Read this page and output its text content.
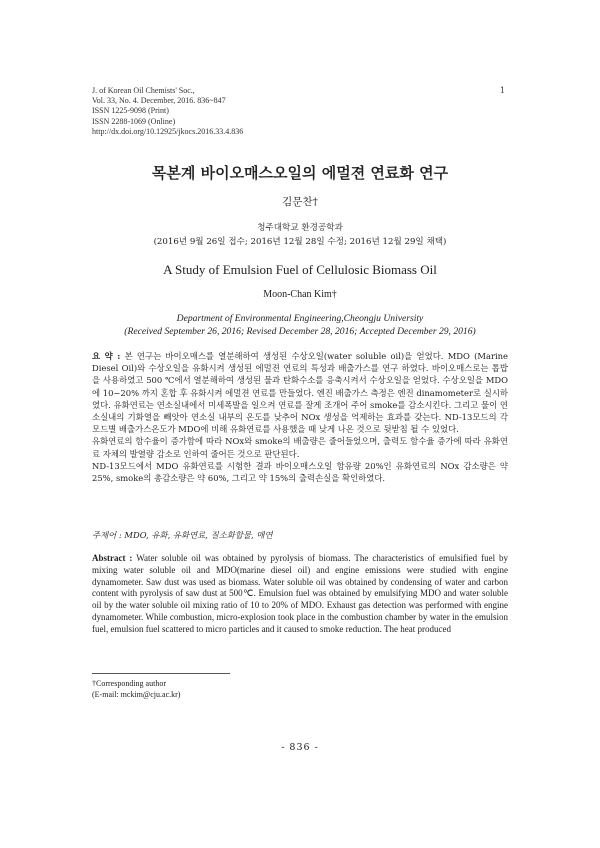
J. of Korean Oil Chemists' Soc.,
Vol. 33, No. 4. December, 2016. 836~847
ISSN 1225-9098 (Print)
ISSN 2288-1069 (Online)
http://dx.doi.org/10.12925/jkocs.2016.33.4.836
1
목본계 바이오매스오일의 에멀젼 연료화 연구
김문찬†
청주대학교 환경공학과
(2016년 9월 26일 접수; 2016년 12월 28일 수정; 2016년 12월 29일 채택)
A Study of Emulsion Fuel of Cellulosic Biomass Oil
Moon-Chan Kim†
Department of Environmental Engineering,Cheongju University
(Received September 26, 2016; Revised December 28, 2016; Accepted December 29, 2016)

요 약 : 본 연구는 바이오매스를 열분해하여 생성된 수상오일(water soluble oil)을 얻었다. MDO (Marine Diesel Oil)와 수상오일을 유화시켜 생성된 에멀젼 연료의 특성과 배출가스를 연구 하였다. 바이오매스로는 톱밥을 사용하였고 500 ℃에서 열분해하여 생성된 물과 탄화수소를 응축시켜서 수상오일을 얻었다. 수상오일을 MDO에 10~20% 까지 혼합 후 유화시켜 에멀젼 연료를 만들었다. 엔진 배출가스 측정은 엔진 dinamometer로 실시하였다. 유화연료는 연소실내에서 미세폭발을 일으켜 연료를 잘게 조개어 주어 smoke를 감소시킨다. 그리고 물이 연소실내의 기화열을 빼앗아 연소실 내부의 온도를 낮추어 NOx 생성을 억제하는 효과를 갖는다. ND-13모드의 각 모드별 배출가스온도가 MDO에 비해 유화연료를 사용했을 때 낮게 나온 것으로 뒷받침 될 수 있었다.

유화연료의 함수율이 증가함에 따라 NOx와 smoke의 배출량은 줄어들었으며, 출력도 함수율 증가에 따라 유화연료 자체의 발열량 감소로 인하여 줄어든 것으로 판단된다.

ND-13모드에서 MDO 유화연료를 시험한 결과 바이오매스오일 함유량 20%인 유화연료의 NOx 감소량은 약 25%, smoke의 총감소량은 약 60%, 그리고 약 15%의 출력손실을 확인하였다.

주제어 : MDO, 유화, 유화연료, 질소화합물, 매연
Abstract : Water soluble oil was obtained by pyrolysis of biomass. The characteristics of emulsified fuel by mixing water soluble oil and MDO(marine diesel oil) and engine emissions were studied with engine dynamometer. Saw dust was used as biomass. Water soluble oil was obtained by condensing of water and carbon content with pyrolysis of saw dust at 500℃. Emulsion fuel was obtained by emulsifying MDO and water soluble oil by the water soluble oil mixing ratio of 10 to 20% of MDO. Exhaust gas detection was performed with engine dynamometer. While combustion, micro-explosion took place in the combustion chamber by water in the emulsion fuel, emulsion fuel scattered to micro particles and it caused to smoke reduction. The heat produced
†Corresponding author
(E-mail: mckim@cju.ac.kr)
- 836 -
